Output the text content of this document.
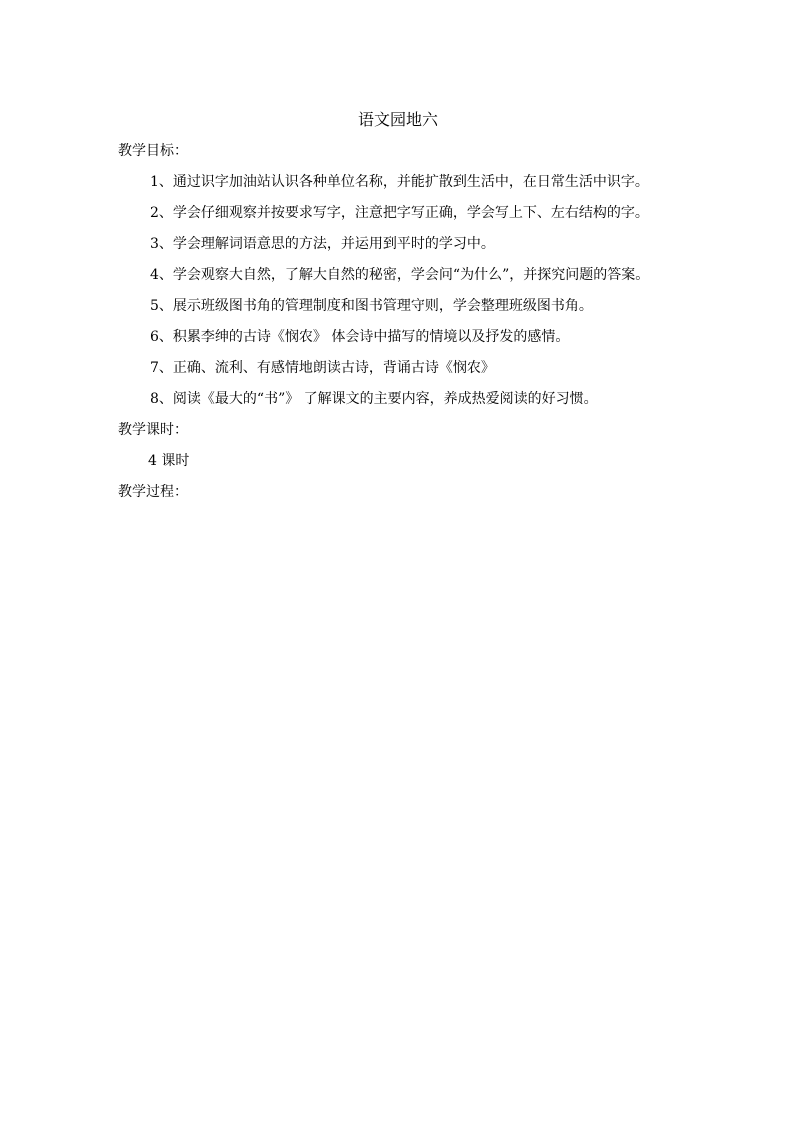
语文园地六

教学目标：

1、通过识字加油站认识各种单位名称，并能扩散到生活中，在日常生活中识字。

2、学会仔细观察并按要求写字，注意把字写正确，学会写上下、左右结构的字。

3、学会理解词语意思的方法，并运用到平时的学习中。

4、学会观察大自然，了解大自然的秘密，学会问“为什么”，并探究问题的答案。

5、展示班级图书角的管理制度和图书管理守则，学会整理班级图书角。

6、积累李绅的古诗《悯农》 体会诗中描写的情境以及抒发的感情。

7、正确、流利、有感情地朗读古诗，背诵古诗《悯农》

8、阅读《最大的“书”》 了解课文的主要内容，养成热爱阅读的好习惯。

教学课时：

4 课时

教学过程：
